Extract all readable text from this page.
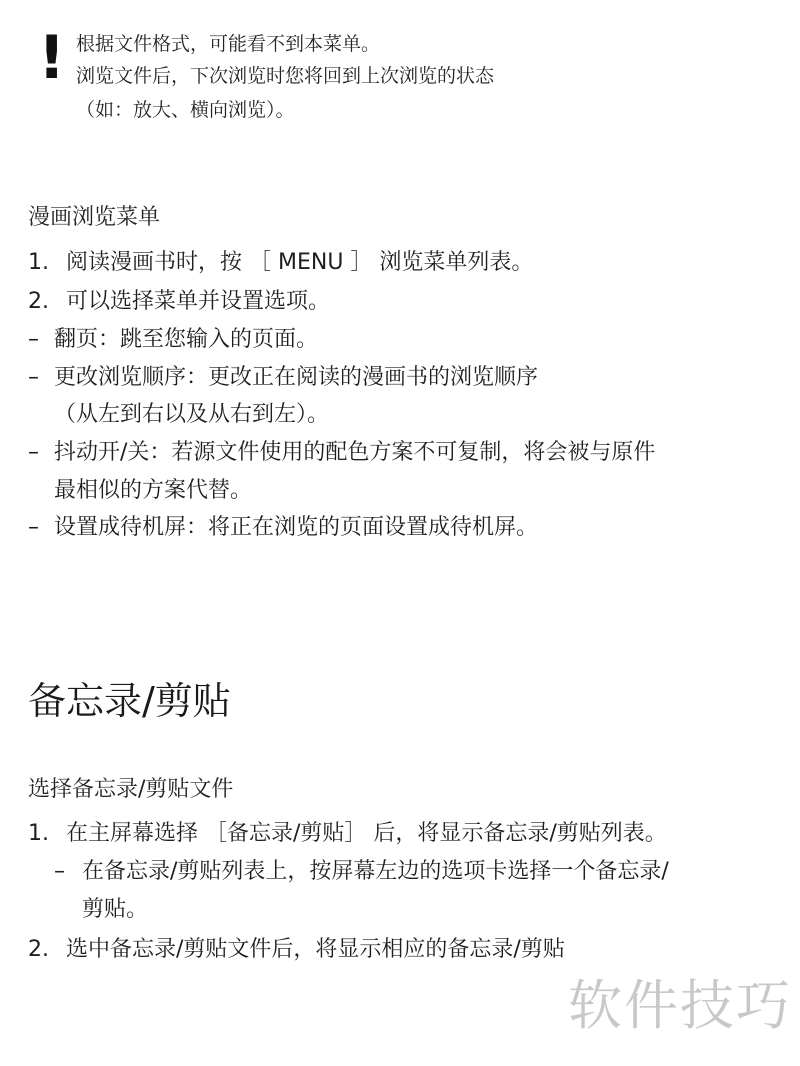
! 根据文件格式，可能看不到本菜单。
浏览文件后，下次浏览时您将回到上次浏览的状态
（如：放大、横向浏览）。
漫画浏览菜单
1. 阅读漫画书时，按 ［ MENU ］ 浏览菜单列表。
2. 可以选择菜单并设置选项。
– 翻页：跳至您输入的页面。
– 更改浏览顺序：更改正在阅读的漫画书的浏览顺序
（从左到右以及从右到左）。
– 抖动开/关：若源文件使用的配色方案不可复制，将会被与原件
最相似的方案代替。
– 设置成待机屏：将正在浏览的页面设置成待机屏。
备忘录/剪贴
选择备忘录/剪贴文件
1. 在主屏幕选择 ［备忘录/剪贴］ 后，将显示备忘录/剪贴列表。
– 在备忘录/剪贴列表上，按屏幕左边的选项卡选择一个备忘录/
剪贴。
2. 选中备忘录/剪贴文件后，将显示相应的备忘录/剪贴
软件技巧
